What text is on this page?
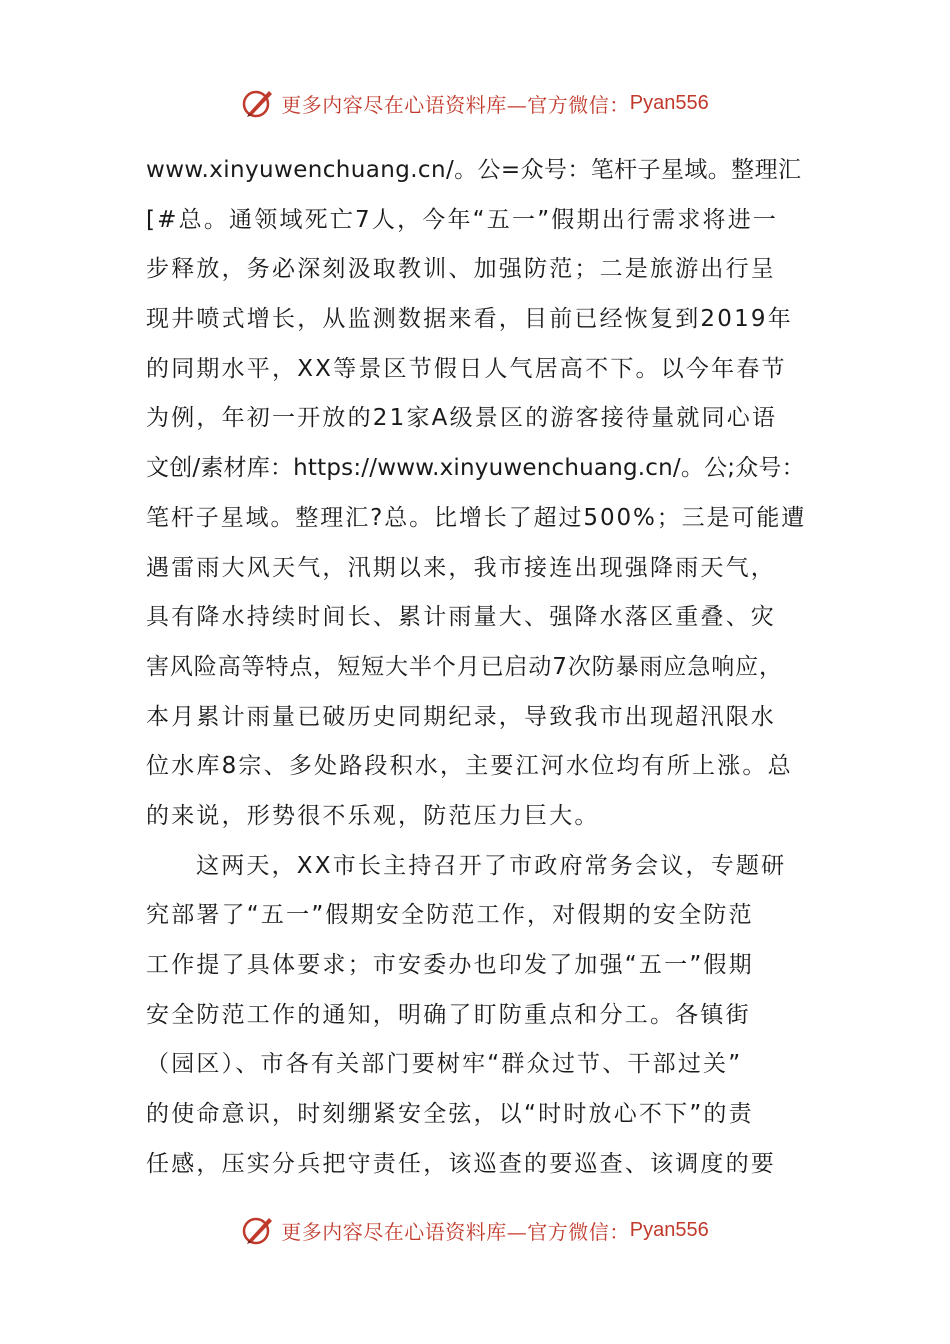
更多内容尽在心语资料库—官方微信： Pyan556
www.xinyuwenchuang.cn/。公=众号：笔杆子星域。整理汇
[#总。通领域死亡7人，今年“五一”假期出行需求将进一
步释放，务必深刻汲取教训、加强防范；二是旅游出行呈
现井喷式增长，从监测数据来看，目前已经恢复到2019年
的同期水平，XX等景区节假日人气居高不下。以今年春节
为例，年初一开放的21家A级景区的游客接待量就同心语
文创/素材库：https://www.xinyuwenchuang.cn/。公;众号：
笔杆子星域。整理汇?总。比增长了超过500%；三是可能遭
遇雷雨大风天气，汛期以来，我市接连出现强降雨天气，
具有降水持续时间长、累计雨量大、强降水落区重叠、灾
害风险高等特点，短短大半个月已启动7次防暴雨应急响应，
本月累计雨量已破历史同期纪录，导致我市出现超汛限水
位水库8宗、多处路段积水，主要江河水位均有所上涨。总
的来说，形势很不乐观，防范压力巨大。
这两天，XX市长主持召开了市政府常务会议，专题研
究部署了“五一”假期安全防范工作，对假期的安全防范
工作提了具体要求；市安委办也印发了加强“五一”假期
安全防范工作的通知，明确了盯防重点和分工。各镇街
（园区）、市各有关部门要树牢“群众过节、干部过关”
的使命意识，时刻绷紧安全弦，以“时时放心不下”的责
任感，压实分兵把守责任，该巡查的要巡查、该调度的要
更多内容尽在心语资料库—官方微信： Pyan556
